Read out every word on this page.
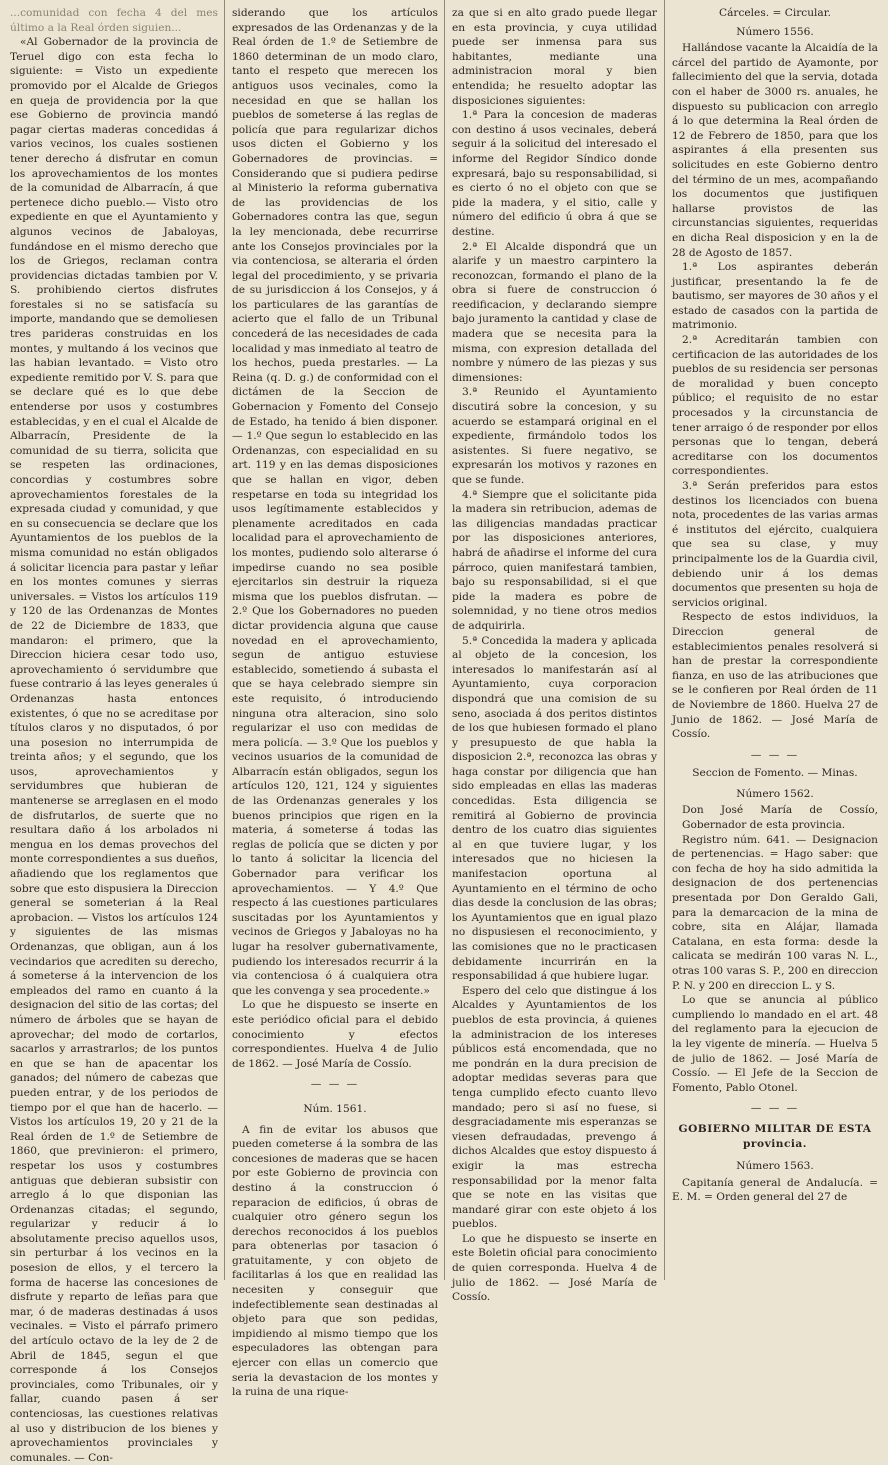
...comunidad con fecha 4 del mes último a la Real órden siguien...

«Al Gobernador de la provincia de Teruel digo con esta fecha lo siguiente: = Visto un expediente promovido por el Alcalde de Griegos en queja de providencia por la que ese Gobierno de provincia mandó pagar ciertas maderas concedidas á varios vecinos, los cuales sostienen tener derecho á disfrutar en comun los aprovechamientos de los montes de la comunidad de Albarracín, á que pertenece dicho pueblo.— Visto otro expediente en que el Ayuntamiento y algunos vecinos de Jabaloyas, fundándose en el mismo derecho que los de Griegos, reclaman contra providencias dictadas tambien por V. S. prohibiendo ciertos disfrutes forestales si no se satisfacía su importe, mandando que se demoliesen tres parideras construidas en los montes, y multando á los vecinos que las habian levantado. = Visto otro expediente remitido por V. S. para que se declare qué es lo que debe entenderse por usos y costumbres establecidas, y en el cual el Alcalde de Albarracín, Presidente de la comunidad de su tierra, solicita que se respeten las ordinaciones, concordias y costumbres sobre aprovechamientos forestales de la expresada ciudad y comunidad, y que en su consecuencia se declare que los Ayuntamientos de los pueblos de la misma comunidad no están obligados á solicitar licencia para pastar y leñar en los montes comunes y sierras universales. = Vistos los artículos 119 y 120 de las Ordenanzas de Montes de 22 de Diciembre de 1833, que mandaron: el primero, que la Direccion hiciera cesar todo uso, aprovechamiento ó servidumbre que fuese contrario á las leyes generales ú Ordenanzas hasta entonces existentes, ó que no se acreditase por títulos claros y no disputados, ó por una posesion no interrumpida de treinta años; y el segundo, que los usos, aprovechamientos y servidumbres que hubieran de mantenerse se arreglasen en el modo de disfrutarlos, de suerte que no resultara daño á los arbolados ni mengua en los demas provechos del monte correspondientes a sus dueños, añadiendo que los reglamentos que sobre que esto dispusiera la Direccion general se someterian á la Real aprobacion. — Vistos los artículos 124 y siguientes de las mismas Ordenanzas, que obligan, aun á los vecindarios que acrediten su derecho, á someterse á la intervencion de los empleados del ramo en cuanto á la designacion del sitio de las cortas; del número de árboles que se hayan de aprovechar; del modo de cortarlos, sacarlos y arrastrarlos; de los puntos en que se han de apacentar los ganados; del número de cabezas que pueden entrar, y de los periodos de tiempo por el que han de hacerlo. — Vistos los artículos 19, 20 y 21 de la Real órden de 1.º de Setiembre de 1860, que previnieron: el primero, respetar los usos y costumbres antiguas que debieran subsistir con arreglo á lo que disponian las Ordenanzas citadas; el segundo, regularizar y reducir á lo absolutamente preciso aquellos usos, sin perturbar á los vecinos en la posesion de ellos, y el tercero la forma de hacerse las concesiones de disfrute y reparto de leñas para que mar, ó de maderas destinadas á usos vecinales. = Visto el párrafo primero del artículo octavo de la ley de 2 de Abril de 1845, segun el que corresponde á los Consejos provinciales, como Tribunales, oir y fallar, cuando pasen á ser contenciosas, las cuestiones relativas al uso y distribucion de los bienes y aprovechamientos provinciales y comunales. — Con-

siderando que los artículos expresados de las Ordenanzas y de la Real órden de 1.º de Setiembre de 1860 determinan de un modo claro, tanto el respeto que merecen los antiguos usos vecinales, como la necesidad en que se hallan los pueblos de someterse á las reglas de policía que para regularizar dichos usos dicten el Gobierno y los Gobernadores de provincias. = Considerando que si pudiera pedirse al Ministerio la reforma gubernativa de las providencias de los Gobernadores contra las que, segun la ley mencionada, debe recurrirse ante los Consejos provinciales por la via contenciosa, se alteraria el órden legal del procedimiento, y se privaria de su jurisdiccion á los Consejos, y á los particulares de las garantías de acierto que el fallo de un Tribunal concederá de las necesidades de cada localidad y mas inmediato al teatro de los hechos, pueda prestarles. — La Reina (q. D. g.) de conformidad con el dictámen de la Seccion de Gobernacion y Fomento del Consejo de Estado, ha tenido á bien disponer. — 1.º Que segun lo establecido en las Ordenanzas, con especialidad en su art. 119 y en las demas disposiciones que se hallan en vigor, deben respetarse en toda su integridad los usos legítimamente establecidos y plenamente acreditados en cada localidad para el aprovechamiento de los montes, pudiendo solo alterarse ó impedirse cuando no sea posible ejercitarlos sin destruir la riqueza misma que los pueblos disfrutan. — 2.º Que los Gobernadores no pueden dictar providencia alguna que cause novedad en el aprovechamiento, segun de antiguo estuviese establecido, sometiendo á subasta el que se haya celebrado siempre sin este requisito, ó introduciendo ninguna otra alteracion, sino solo regularizar el uso con medidas de mera policía. — 3.º Que los pueblos y vecinos usuarios de la comunidad de Albarracín están obligados, segun los artículos 120, 121, 124 y siguientes de las Ordenanzas generales y los buenos principios que rigen en la materia, á someterse á todas las reglas de policía que se dicten y por lo tanto á solicitar la licencia del Gobernador para verificar los aprovechamientos. — Y 4.º Que respecto á las cuestiones particulares suscitadas por los Ayuntamientos y vecinos de Griegos y Jabaloyas no ha lugar ha resolver gubernativamente, pudiendo los interesados recurrir á la via contenciosa ó á cualquiera otra que les convenga y sea procedente.»

Lo que he dispuesto se inserte en este periódico oficial para el debido conocimiento y efectos correspondientes. Huelva 4 de Julio de 1862. — José María de Cossío.

— — —
Núm. 1561.

A fin de evitar los abusos que pueden cometerse á la sombra de las concesiones de maderas que se hacen por este Gobierno de provincia con destino á la construccion ó reparacion de edificios, ú obras de cualquier otro género segun los derechos reconocidos á los pueblos para obtenerlas por tasacion ó gratuitamente, y con objeto de facilitarlas á los que en realidad las necesiten y conseguir que indefectiblemente sean destinadas al objeto para que son pedidas, impidiendo al mismo tiempo que los especuladores las obtengan para ejercer con ellas un comercio que seria la devastacion de los montes y la ruina de una rique-

za que si en alto grado puede llegar en esta provincia, y cuya utilidad puede ser inmensa para sus habitantes, mediante una administracion moral y bien entendida; he resuelto adoptar las disposiciones siguientes:

1.ª Para la concesion de maderas con destino á usos vecinales, deberá seguir á la solicitud del interesado el informe del Regidor Síndico donde expresará, bajo su responsabilidad, si es cierto ó no el objeto con que se pide la madera, y el sitio, calle y número del edificio ú obra á que se destine.

2.ª El Alcalde dispondrá que un alarife y un maestro carpintero la reconozcan, formando el plano de la obra si fuere de construccion ó reedificacion, y declarando siempre bajo juramento la cantidad y clase de madera que se necesita para la misma, con expresion detallada del nombre y número de las piezas y sus dimensiones:

3.ª Reunido el Ayuntamiento discutirá sobre la concesion, y su acuerdo se estampará original en el expediente, firmándolo todos los asistentes. Si fuere negativo, se expresarán los motivos y razones en que se funde.

4.ª Siempre que el solicitante pida la madera sin retribucion, ademas de las diligencias mandadas practicar por las disposiciones anteriores, habrá de añadirse el informe del cura párroco, quien manifestará tambien, bajo su responsabilidad, si el que pide la madera es pobre de solemnidad, y no tiene otros medios de adquirirla.

5.ª Concedida la madera y aplicada al objeto de la concesion, los interesados lo manifestarán así al Ayuntamiento, cuya corporacion dispondrá que una comision de su seno, asociada á dos peritos distintos de los que hubiesen formado el plano y presupuesto de que habla la disposicion 2.ª, reconozca las obras y haga constar por diligencia que han sido empleadas en ellas las maderas concedidas. Esta diligencia se remitirá al Gobierno de provincia dentro de los cuatro dias siguientes al en que tuviere lugar, y los interesados que no hiciesen la manifestacion oportuna al Ayuntamiento en el término de ocho dias desde la conclusion de las obras; los Ayuntamientos que en igual plazo no dispusiesen el reconocimiento, y las comisiones que no le practicasen debidamente incurrirán en la responsabilidad á que hubiere lugar.

Espero del celo que distingue á los Alcaldes y Ayuntamientos de los pueblos de esta provincia, á quienes la administracion de los intereses públicos está encomendada, que no me pondrán en la dura precision de adoptar medidas severas para que tenga cumplido efecto cuanto llevo mandado; pero si así no fuese, si desgraciadamente mis esperanzas se viesen defraudadas, prevengo á dichos Alcaldes que estoy dispuesto á exigir la mas estrecha responsabilidad por la menor falta que se note en las visitas que mandaré girar con este objeto á los pueblos.

Lo que he dispuesto se inserte en este Boletin oficial para conocimiento de quien corresponda. Huelva 4 de julio de 1862. — José María de Cossío.

Cárceles. = Circular.
Número 1556.

Hallándose vacante la Alcaidía de la cárcel del partido de Ayamonte, por fallecimiento del que la servia, dotada con el haber de 3000 rs. anuales, he dispuesto su publicacion con arreglo á lo que determina la Real órden de 12 de Febrero de 1850, para que los aspirantes á ella presenten sus solicitudes en este Gobierno dentro del término de un mes, acompañando los documentos que justifiquen hallarse provistos de las circunstancias siguientes, requeridas en dicha Real disposicion y en la de 28 de Agosto de 1857.

1.ª Los aspirantes deberán justificar, presentando la fe de bautismo, ser mayores de 30 años y el estado de casados con la partida de matrimonio.

2.ª Acreditarán tambien con certificacion de las autoridades de los pueblos de su residencia ser personas de moralidad y buen concepto público; el requisito de no estar procesados y la circunstancia de tener arraigo ó de responder por ellos personas que lo tengan, deberá acreditarse con los documentos correspondientes.

3.ª Serán preferidos para estos destinos los licenciados con buena nota, procedentes de las varias armas é institutos del ejército, cualquiera que sea su clase, y muy principalmente los de la Guardia civil, debiendo unir á los demas documentos que presenten su hoja de servicios original.

Respecto de estos individuos, la Direccion general de establecimientos penales resolverá si han de prestar la correspondiente fianza, en uso de las atribuciones que se le confieren por Real órden de 11 de Noviembre de 1860. Huelva 27 de Junio de 1862. — José María de Cossío.

— — —
Seccion de Fomento. — Minas.
Número 1562.

Don José María de Cossío, Gobernador de esta provincia.

Registro núm. 641. — Designacion de pertenencias. = Hago saber: que con fecha de hoy ha sido admitida la designacion de dos pertenencias presentada por Don Geraldo Gali, para la demarcacion de la mina de cobre, sita en Alájar, llamada Catalana, en esta forma: desde la calicata se medirán 100 varas N. L., otras 100 varas S. P., 200 en direccion P. N. y 200 en direccion L. y S.

Lo que se anuncia al público cumpliendo lo mandado en el art. 48 del reglamento para la ejecucion de la ley vigente de minería. — Huelva 5 de julio de 1862. — José María de Cossío. — El Jefe de la Seccion de Fomento, Pablo Otonel.

— — —
GOBIERNO MILITAR DE ESTA provincia.
Número 1563.

Capitanía general de Andalucía. = E. M. = Orden general del 27 de
